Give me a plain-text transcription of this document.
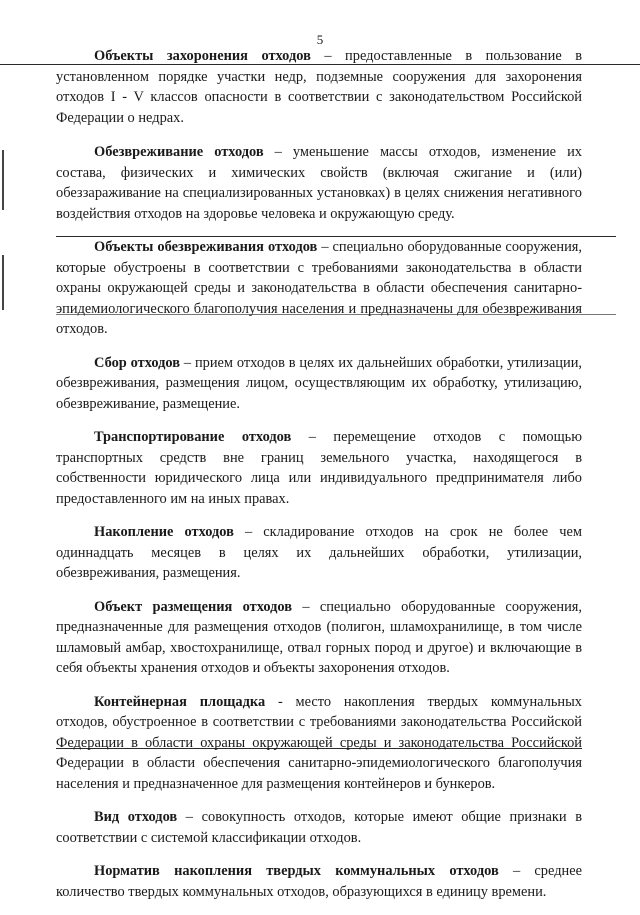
5

Объекты захоронения отходов – предоставленные в пользование в установленном порядке участки недр, подземные сооружения для захоронения отходов I - V классов опасности в соответствии с законодательством Российской Федерации о недрах.

Обезвреживание отходов – уменьшение массы отходов, изменение их состава, физических и химических свойств (включая сжигание и (или) обеззараживание на специализированных установках) в целях снижения негативного воздействия отходов на здоровье человека и окружающую среду.

Объекты обезвреживания отходов – специально оборудованные сооружения, которые обустроены в соответствии с требованиями законодательства в области охраны окружающей среды и законодательства в области обеспечения санитарно-эпидемиологического благополучия населения и предназначены для обезвреживания отходов.

Сбор отходов – прием отходов в целях их дальнейших обработки, утилизации, обезвреживания, размещения лицом, осуществляющим их обработку, утилизацию, обезвреживание, размещение.

Транспортирование отходов – перемещение отходов с помощью транспортных средств вне границ земельного участка, находящегося в собственности юридического лица или индивидуального предпринимателя либо предоставленного им на иных правах.

Накопление отходов – складирование отходов на срок не более чем одиннадцать месяцев в целях их дальнейших обработки, утилизации, обезвреживания, размещения.

Объект размещения отходов – специально оборудованные сооружения, предназначенные для размещения отходов (полигон, шламохранилище, в том числе шламовый амбар, хвостохранилище, отвал горных пород и другое) и включающие в себя объекты хранения отходов и объекты захоронения отходов.

Контейнерная площадка - место накопления твердых коммунальных отходов, обустроенное в соответствии с требованиями законодательства Российской Федерации в области охраны окружающей среды и законодательства Российской Федерации в области обеспечения санитарно-эпидемиологического благополучия населения и предназначенное для размещения контейнеров и бункеров.

Вид отходов – совокупность отходов, которые имеют общие признаки в соответствии с системой классификации отходов.

Норматив накопления твердых коммунальных отходов – среднее количество твердых коммунальных отходов, образующихся в единицу времени.
